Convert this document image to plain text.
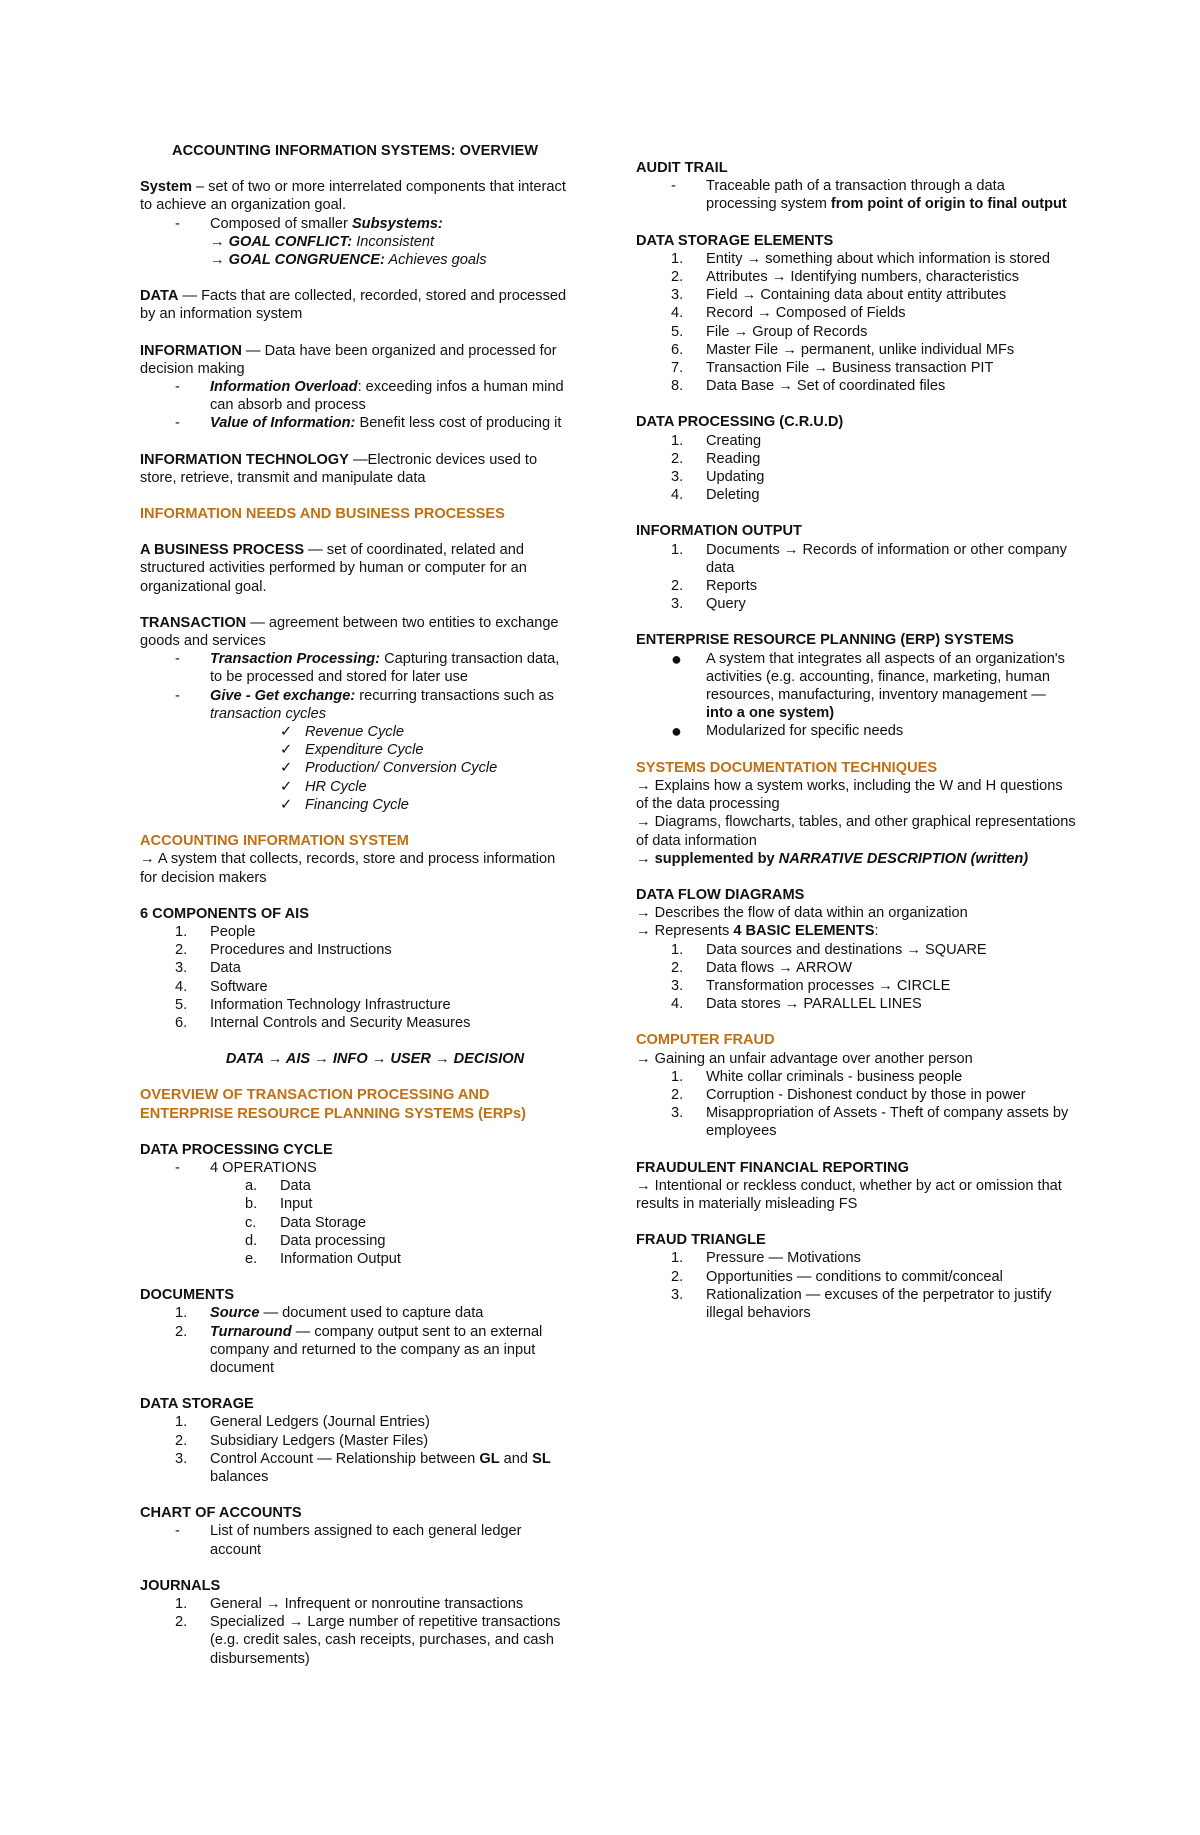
ACCOUNTING INFORMATION SYSTEMS: OVERVIEW
System – set of two or more interrelated components that interact to achieve an organization goal.
-	Composed of smaller Subsystems:
→ GOAL CONFLICT: Inconsistent
→ GOAL CONGRUENCE: Achieves goals
DATA — Facts that are collected, recorded, stored and processed by an information system
INFORMATION — Data have been organized and processed for decision making
-	Information Overload: exceeding infos a human mind can absorb and process
-	Value of Information: Benefit less cost of producing it
INFORMATION TECHNOLOGY —Electronic devices used to store, retrieve, transmit and manipulate data
INFORMATION NEEDS AND BUSINESS PROCESSES
A BUSINESS PROCESS — set of coordinated, related and structured activities performed by human or computer for an organizational goal.
TRANSACTION — agreement between two entities to exchange goods and services
-	Transaction Processing: Capturing transaction data, to be processed and stored for later use
-	Give - Get exchange: recurring transactions such as transaction cycles
✓ Revenue Cycle
✓ Expenditure Cycle
✓ Production/ Conversion Cycle
✓ HR Cycle
✓ Financing Cycle
ACCOUNTING INFORMATION SYSTEM
→ A system that collects, records, store and process information for decision makers
6 COMPONENTS OF AIS
1.	People
2.	Procedures and Instructions
3.	Data
4.	Software
5.	Information Technology Infrastructure
6.	Internal Controls and Security Measures
DATA → AIS → INFO → USER → DECISION
OVERVIEW OF TRANSACTION PROCESSING AND ENTERPRISE RESOURCE PLANNING SYSTEMS (ERPs)
DATA PROCESSING CYCLE
-	4 OPERATIONS
a.	Data
b.	Input
c.	Data Storage
d.	Data processing
e.	Information Output
DOCUMENTS
1.	Source — document used to capture data
2.	Turnaround — company output sent to an external company and returned to the company as an input document
DATA STORAGE
1.	General Ledgers (Journal Entries)
2.	Subsidiary Ledgers (Master Files)
3.	Control Account — Relationship between GL and SL balances
CHART OF ACCOUNTS
-	List of numbers assigned to each general ledger account
JOURNALS
1.	General → Infrequent or nonroutine transactions
2.	Specialized → Large number of repetitive transactions (e.g. credit sales, cash receipts, purchases, and cash disbursements)
AUDIT TRAIL
-	Traceable path of a transaction through a data processing system from point of origin to final output
DATA STORAGE ELEMENTS
1.	Entity → something about which information is stored
2.	Attributes → Identifying numbers, characteristics
3.	Field → Containing data about entity attributes
4.	Record → Composed of Fields
5.	File → Group of Records
6.	Master File → permanent, unlike individual MFs
7.	Transaction File → Business transaction PIT
8.	Data Base → Set of coordinated files
DATA PROCESSING (C.R.U.D)
1.	Creating
2.	Reading
3.	Updating
4.	Deleting
INFORMATION OUTPUT
1.	Documents → Records of information or other company data
2.	Reports
3.	Query
ENTERPRISE RESOURCE PLANNING (ERP) SYSTEMS
●	A system that integrates all aspects of an organization's activities (e.g. accounting, finance, marketing, human resources, manufacturing, inventory management — into a one system)
●	Modularized for specific needs
SYSTEMS DOCUMENTATION TECHNIQUES
→ Explains how a system works, including the W and H questions of the data processing
→ Diagrams, flowcharts, tables, and other graphical representations of data information
→ supplemented by NARRATIVE DESCRIPTION (written)
DATA FLOW DIAGRAMS
→ Describes the flow of data within an organization
→ Represents 4 BASIC ELEMENTS:
1.	Data sources and destinations → SQUARE
2.	Data flows → ARROW
3.	Transformation processes → CIRCLE
4.	Data stores → PARALLEL LINES
COMPUTER FRAUD
→ Gaining an unfair advantage over another person
1.	White collar criminals - business people
2.	Corruption - Dishonest conduct by those in power
3.	Misappropriation of Assets - Theft of company assets by employees
FRAUDULENT FINANCIAL REPORTING
→ Intentional or reckless conduct, whether by act or omission that results in materially misleading FS
FRAUD TRIANGLE
1.	Pressure — Motivations
2.	Opportunities — conditions to commit/conceal
3.	Rationalization — excuses of the perpetrator to justify illegal behaviors
